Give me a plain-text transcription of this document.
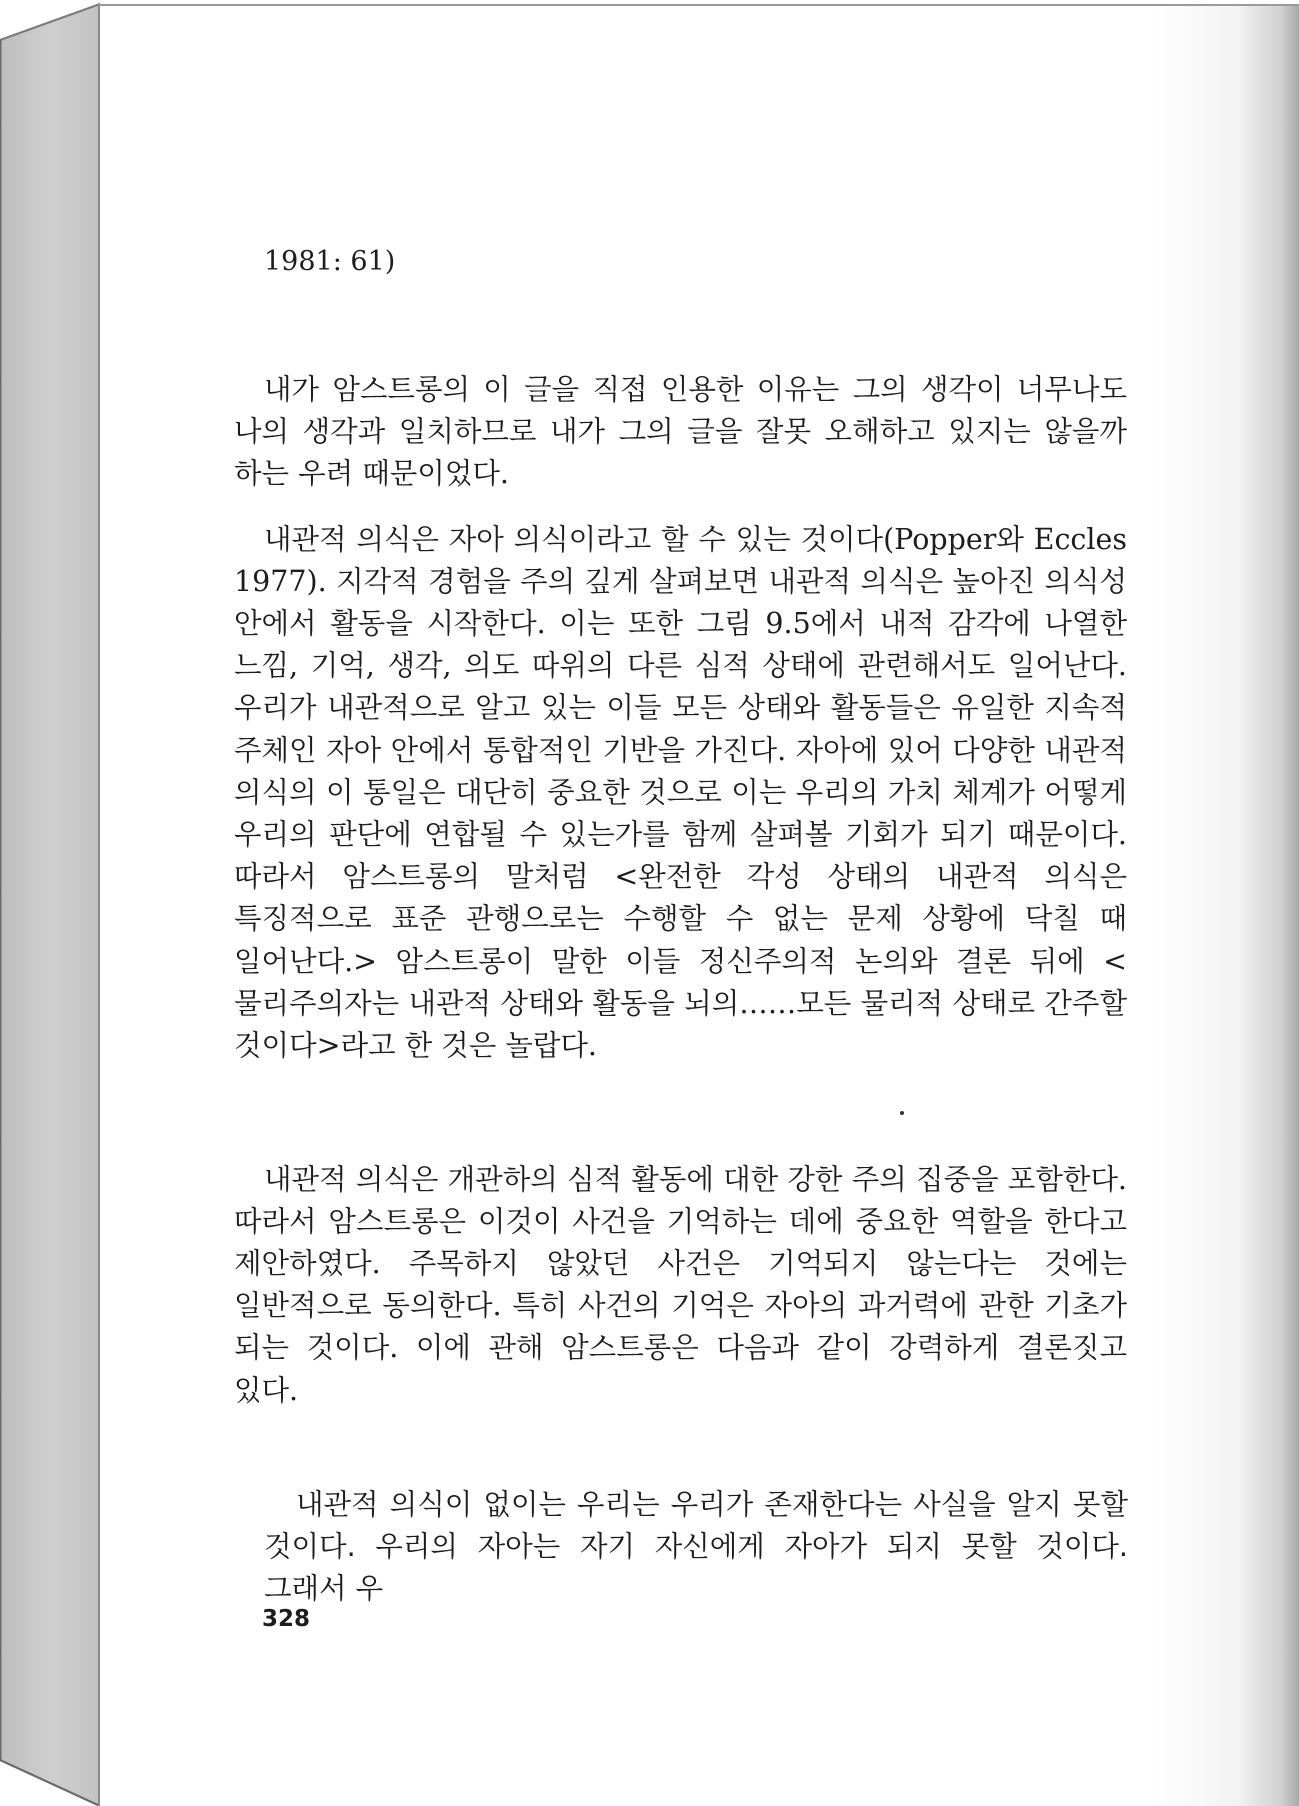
1981: 61)

내가 암스트롱의 이 글을 직접 인용한 이유는 그의 생각이 너무나도 나의 생각과 일치하므로 내가 그의 글을 잘못 오해하고 있지는 않을까 하는 우려 때문이었다.

내관적 의식은 자아 의식이라고 할 수 있는 것이다(Popper와 Eccles 1977). 지각적 경험을 주의 깊게 살펴보면 내관적 의식은 높아진 의식성 안에서 활동을 시작한다. 이는 또한 그림 9.5에서 내적 감각에 나열한 느낌, 기억, 생각, 의도 따위의 다른 심적 상태에 관련해서도 일어난다. 우리가 내관적으로 알고 있는 이들 모든 상태와 활동들은 유일한 지속적 주체인 자아 안에서 통합적인 기반을 가진다. 자아에 있어 다양한 내관적 의식의 이 통일은 대단히 중요한 것으로 이는 우리의 가치 체계가 어떻게 우리의 판단에 연합될 수 있는가를 함께 살펴볼 기회가 되기 때문이다. 따라서 암스트롱의 말처럼 <완전한 각성 상태의 내관적 의식은 특징적으로 표준 관행으로는 수행할 수 없는 문제 상황에 닥칠 때 일어난다.> 암스트롱이 말한 이들 정신주의적 논의와 결론 뒤에 <물리주의자는 내관적 상태와 활동을 뇌의……모든 물리적 상태로 간주할 것이다>라고 한 것은 놀랍다.

내관적 의식은 개관하의 심적 활동에 대한 강한 주의 집중을 포함한다. 따라서 암스트롱은 이것이 사건을 기억하는 데에 중요한 역할을 한다고 제안하였다. 주목하지 않았던 사건은 기억되지 않는다는 것에는 일반적으로 동의한다. 특히 사건의 기억은 자아의 과거력에 관한 기초가 되는 것이다. 이에 관해 암스트롱은 다음과 같이 강력하게 결론짓고 있다.

내관적 의식이 없이는 우리는 우리가 존재한다는 사실을 알지 못할 것이다. 우리의 자아는 자기 자신에게 자아가 되지 못할 것이다. 그래서 우

328
